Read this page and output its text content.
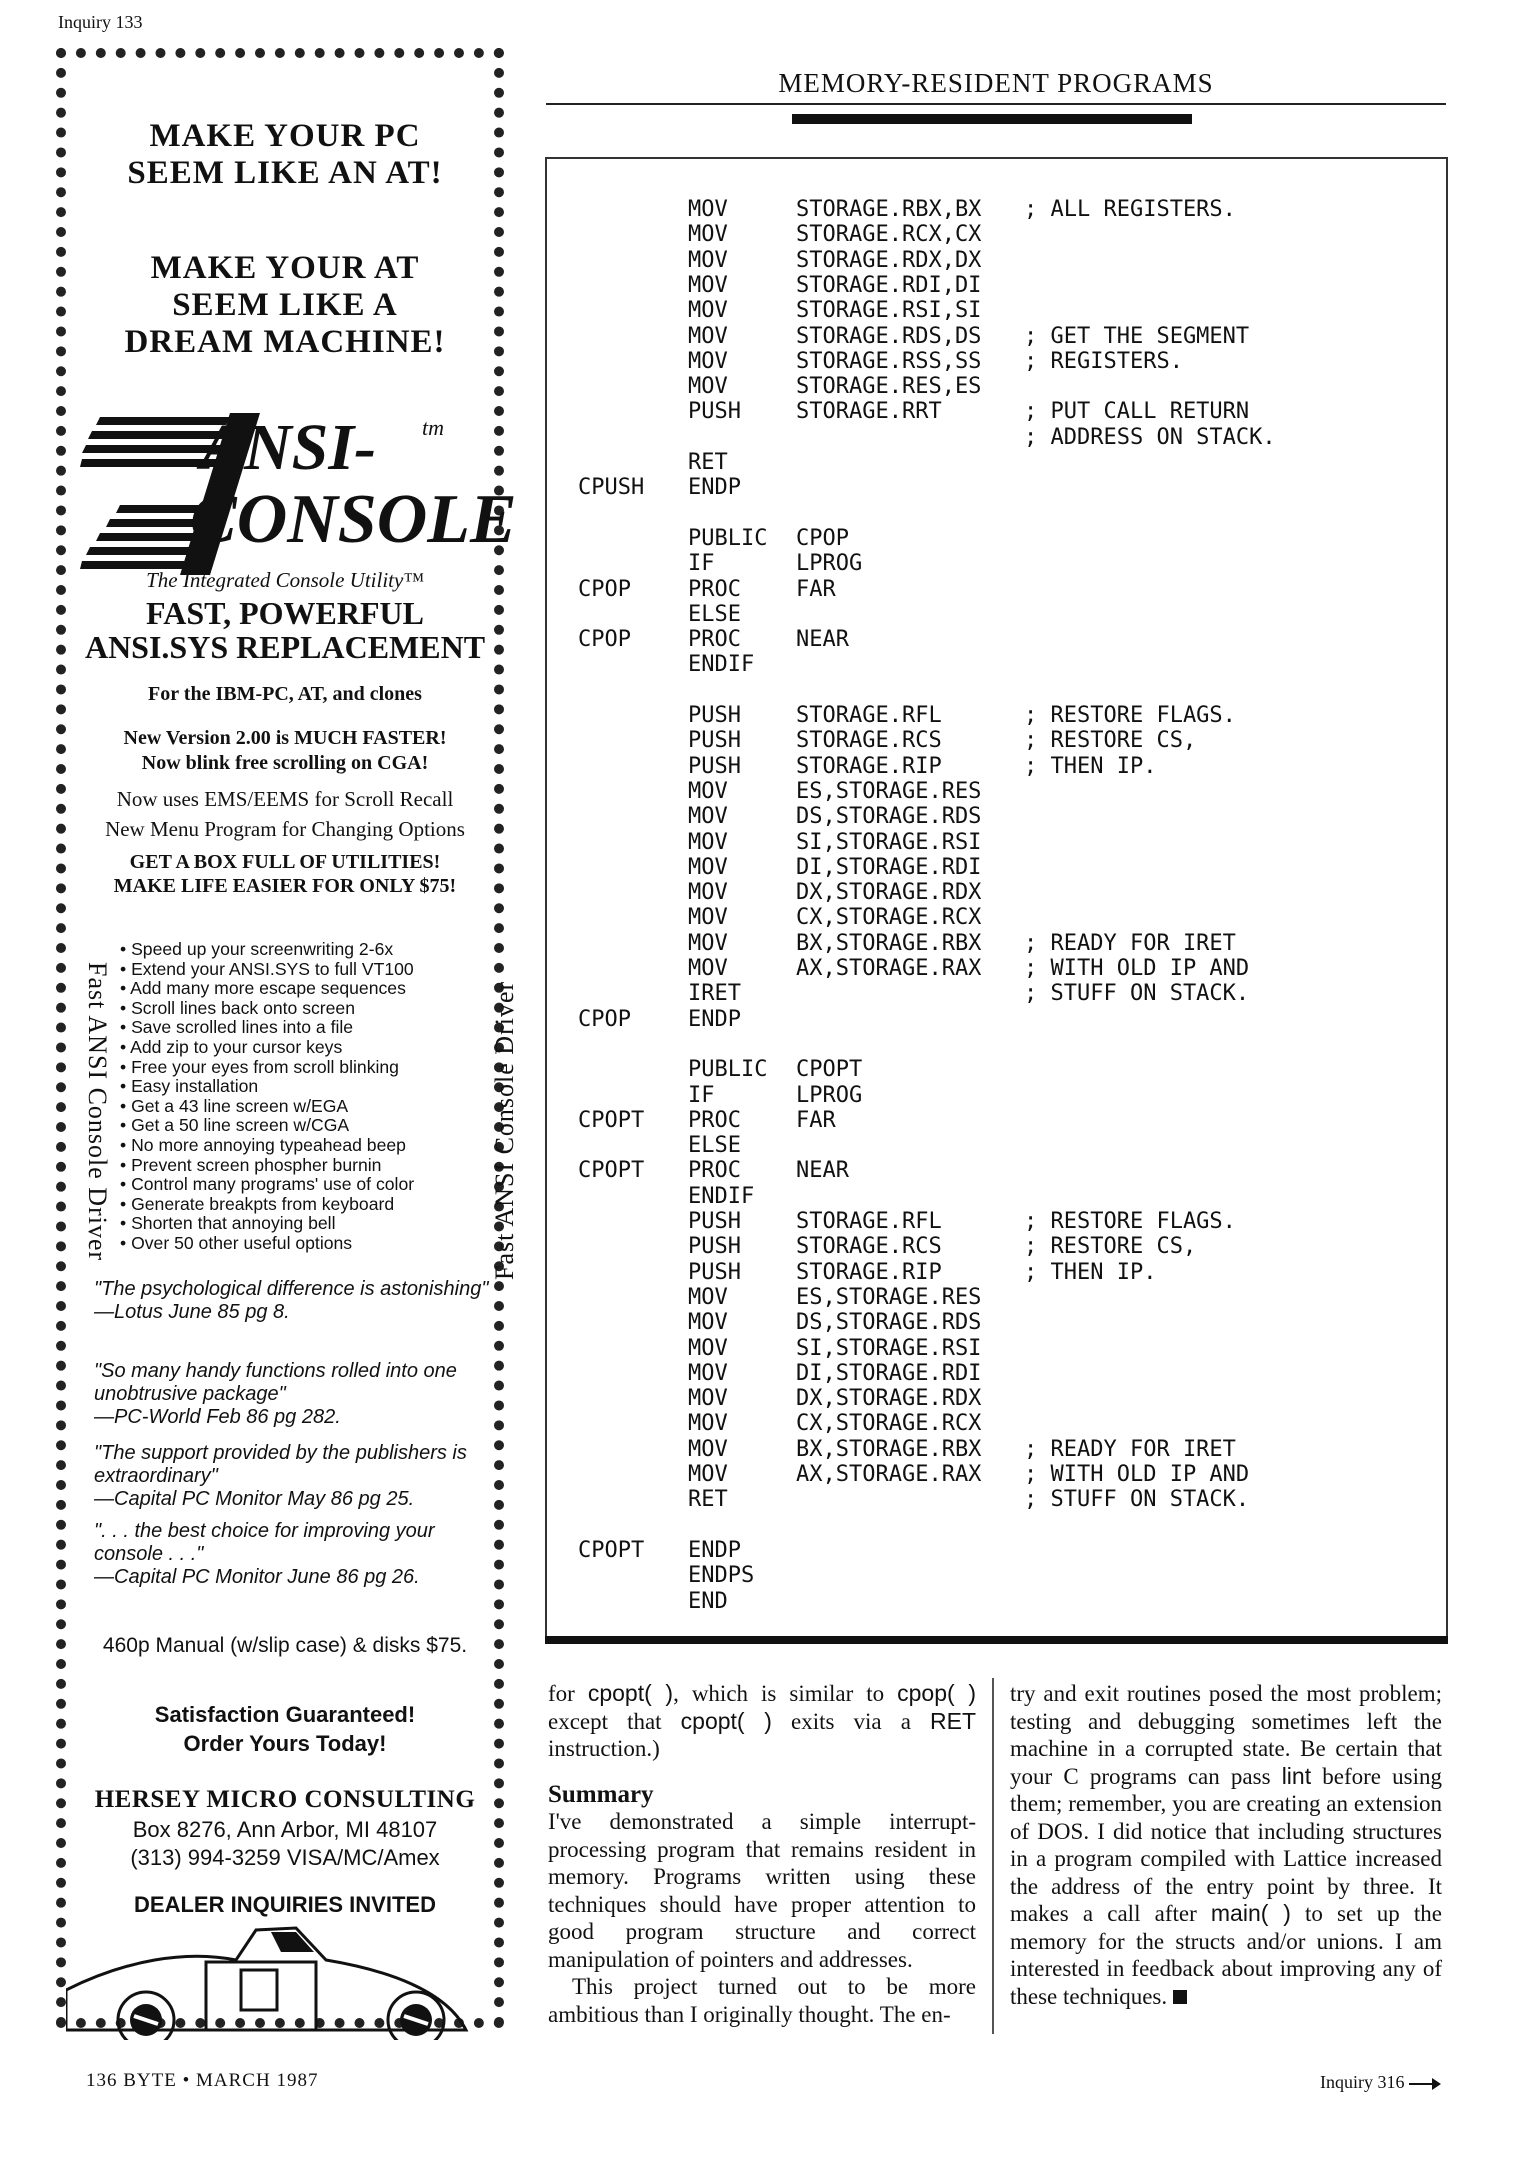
Inquiry 133
Fast ANSI Console Driver	Fast ANSI Console Driver
MAKE YOUR PC
SEEM LIKE AN AT!
MAKE YOUR AT
SEEM LIKE A
DREAM MACHINE!
ANSI- tm
CONSOLE
The Integrated Console Utility™
FAST, POWERFUL
ANSI.SYS REPLACEMENT
For the IBM-PC, AT, and clones
New Version 2.00 is MUCH FASTER!
Now blink free scrolling on CGA!
Now uses EMS/EEMS for Scroll Recall
New Menu Program for Changing Options
GET A BOX FULL OF UTILITIES!
MAKE LIFE EASIER FOR ONLY $75!
• Speed up your screenwriting 2-6x
• Extend your ANSI.SYS to full VT100
• Add many more escape sequences
• Scroll lines back onto screen
• Save scrolled lines into a file
• Add zip to your cursor keys
• Free your eyes from scroll blinking
• Easy installation
• Get a 43 line screen w/EGA
• Get a 50 line screen w/CGA
• No more annoying typeahead beep
• Prevent screen phospher burnin
• Control many programs' use of color
• Generate breakpts from keyboard
• Shorten that annoying bell
• Over 50 other useful options
"The psychological difference is astonishing"
—Lotus June 85 pg 8.
"So many handy functions rolled into one unobtrusive package"
—PC-World Feb 86 pg 282.
"The support provided by the publishers is extraordinary"
—Capital PC Monitor May 86 pg 25.
". . . the best choice for improving your console . . ."
—Capital PC Monitor June 86 pg 26.
460p Manual (w/slip case) & disks $75.
Satisfaction Guaranteed!
Order Yours Today!
HERSEY MICRO CONSULTING
Box 8276, Ann Arbor, MI 48107
(313) 994-3259 VISA/MC/Amex
DEALER INQUIRIES INVITED
MEMORY-RESIDENT PROGRAMS
MOV	STORAGE.RBX,BX ; ALL REGISTERS.
MOV	STORAGE.RCX,CX
MOV	STORAGE.RDX,DX
MOV	STORAGE.RDI,DI
MOV	STORAGE.RSI,SI
MOV	STORAGE.RDS,DS ; GET THE SEGMENT
MOV	STORAGE.RSS,SS ; REGISTERS.
MOV	STORAGE.RES,ES
PUSH	STORAGE.RRT	; PUT CALL RETURN
; ADDRESS ON STACK.
RET
CPUSH ENDP
PUBLIC CPOP
IF	LPROG
CPOP	PROC	FAR
ELSE
CPOP	PROC	NEAR
ENDIF
PUSH	STORAGE.RFL	; RESTORE FLAGS.
PUSH	STORAGE.RCS	; RESTORE CS,
PUSH	STORAGE.RIP	; THEN IP.
MOV	ES,STORAGE.RES
MOV	DS,STORAGE.RDS
MOV	SI,STORAGE.RSI
MOV	DI,STORAGE.RDI
MOV	DX,STORAGE.RDX
MOV	CX,STORAGE.RCX
MOV	BX,STORAGE.RBX ; READY FOR IRET
MOV	AX,STORAGE.RAX ; WITH OLD IP AND
IRET	; STUFF ON STACK.
CPOP	ENDP
PUBLIC CPOPT
IF	LPROG
CPOPT PROC	FAR
ELSE
CPOPT PROC	NEAR
ENDIF
PUSH	STORAGE.RFL	; RESTORE FLAGS.
PUSH	STORAGE.RCS	; RESTORE CS,
PUSH	STORAGE.RIP	; THEN IP.
MOV	ES,STORAGE.RES
MOV	DS,STORAGE.RDS
MOV	SI,STORAGE.RSI
MOV	DI,STORAGE.RDI
MOV	DX,STORAGE.RDX
MOV	CX,STORAGE.RCX
MOV	BX,STORAGE.RBX ; READY FOR IRET
MOV	AX,STORAGE.RAX ; WITH OLD IP AND
RET	; STUFF ON STACK.
CPOPT ENDP
ENDPS
END
for cpopt( ), which is similar to cpop( ) except that cpopt( ) exits via a RET instruction.)
Summary
I've demonstrated a simple interrupt-processing program that remains resident in memory. Programs written using these techniques should have proper attention to good program structure and correct manipulation of pointers and addresses.
This project turned out to be more ambitious than I originally thought. The en-
try and exit routines posed the most problem; testing and debugging sometimes left the machine in a corrupted state. Be certain that your C programs can pass lint before using them; remember, you are creating an extension of DOS. I did notice that including structures in a program compiled with Lattice increased the address of the entry point by three. It makes a call after main( ) to set up the memory for the structs and/or unions. I am interested in feedback about improving any of these techniques.
136 BYTE • MARCH 1987	Inquiry 316
